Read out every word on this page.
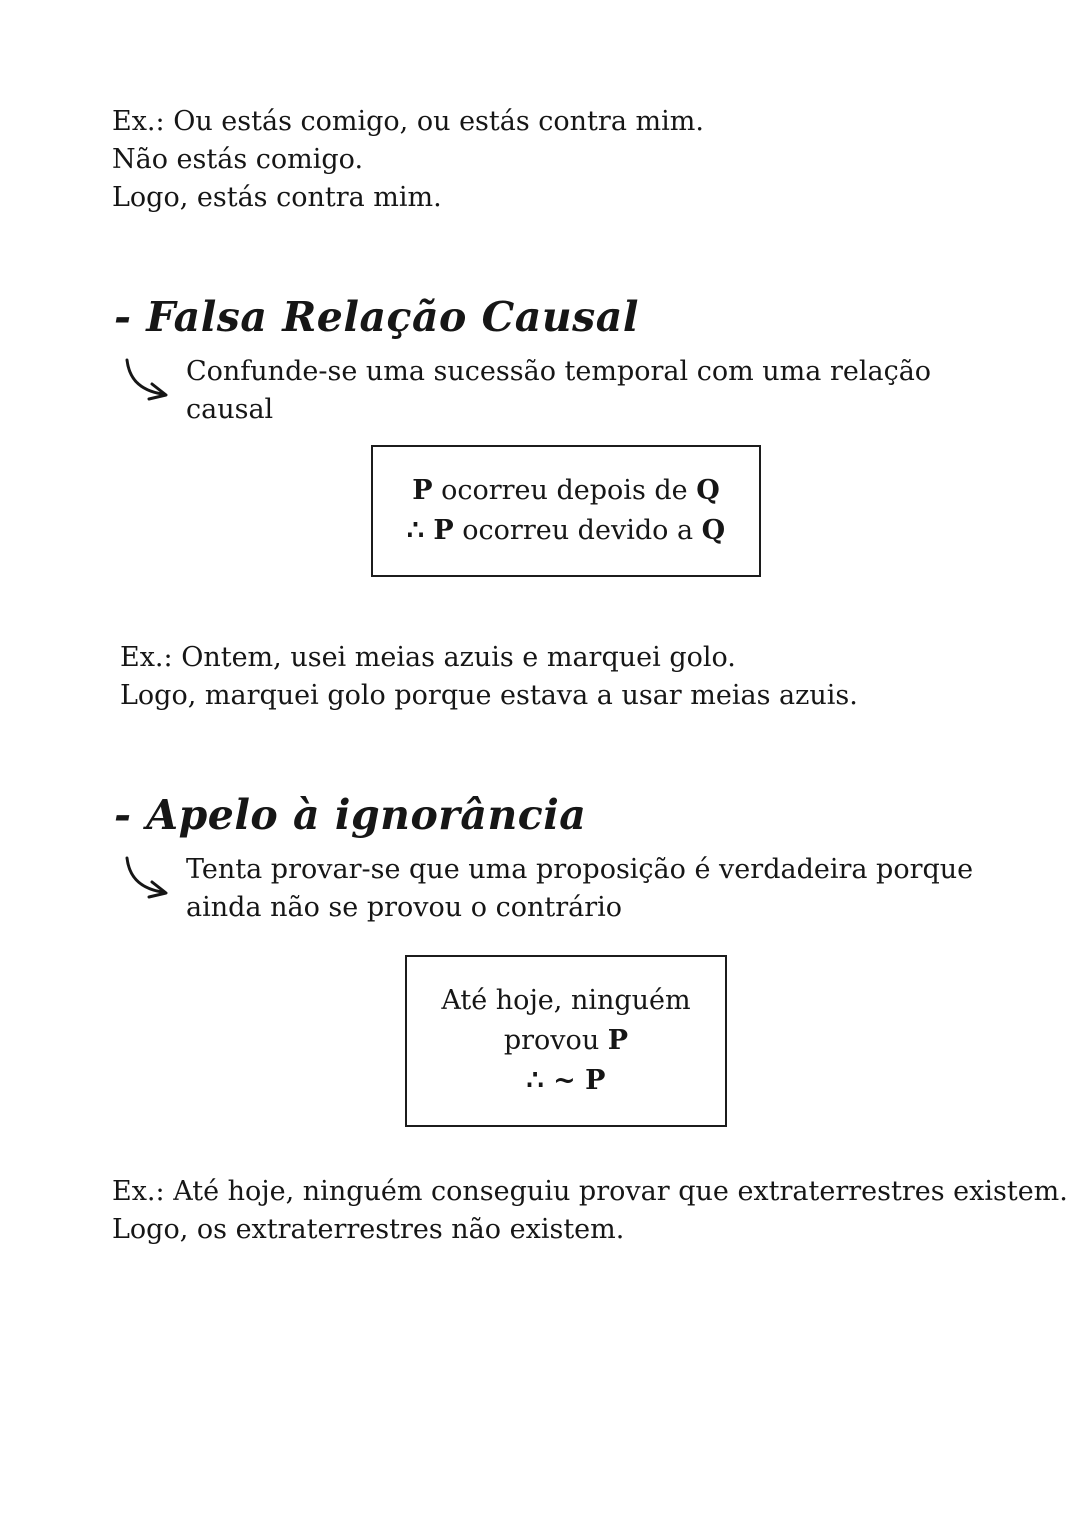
Ex.: Ou estás comigo, ou estás contra mim.
Não estás comigo.
Logo, estás contra mim.
- Falsa Relação Causal
Confunde-se uma sucessão temporal com uma relação
causal
P ocorreu depois de Q
∴ P ocorreu devido a Q
Ex.: Ontem, usei meias azuis e marquei golo.
Logo, marquei golo porque estava a usar meias azuis.
- Apelo à ignorância
Tenta provar-se que uma proposição é verdadeira porque
ainda não se provou o contrário
Até hoje, ninguém
provou P
∴ ~ P
Ex.: Até hoje, ninguém conseguiu provar que extraterrestres existem.
Logo, os extraterrestres não existem.
